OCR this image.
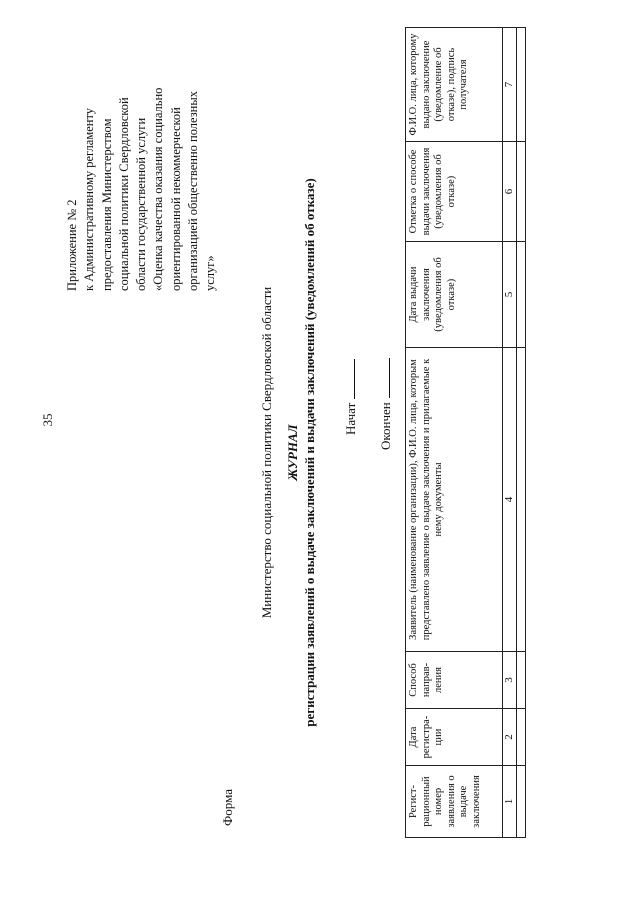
35
Приложение № 2 к Административному регламенту предоставления Министерством социальной политики Свердловской области государственной услуги «Оценка качества оказания социально ориентированной некоммерческой организацией общественно полезных услуг»
Форма
Министерство социальной политики Свердловской области ЖУРНАЛ регистрации заявлений о выдаче заключений и выдачи заключений (уведомлений об отказе) Начат Окончен
Регист-рационный номер заявления о выдаче заключения	Дата регистра-ции	Способ направ-ления	Заявитель (наименование организации), Ф.И.О. лица, которым представлено заявление о выдаче заключения и прилагаемые к нему документы	Дата выдачи заключения (уведомления об отказе)	Отметка о способе выдачи заключения (уведомления об отказе)	Ф.И.О. лица, которому выдано заключение (уведомление об отказе), подпись получателя
1	2	3	4	5	6	7
